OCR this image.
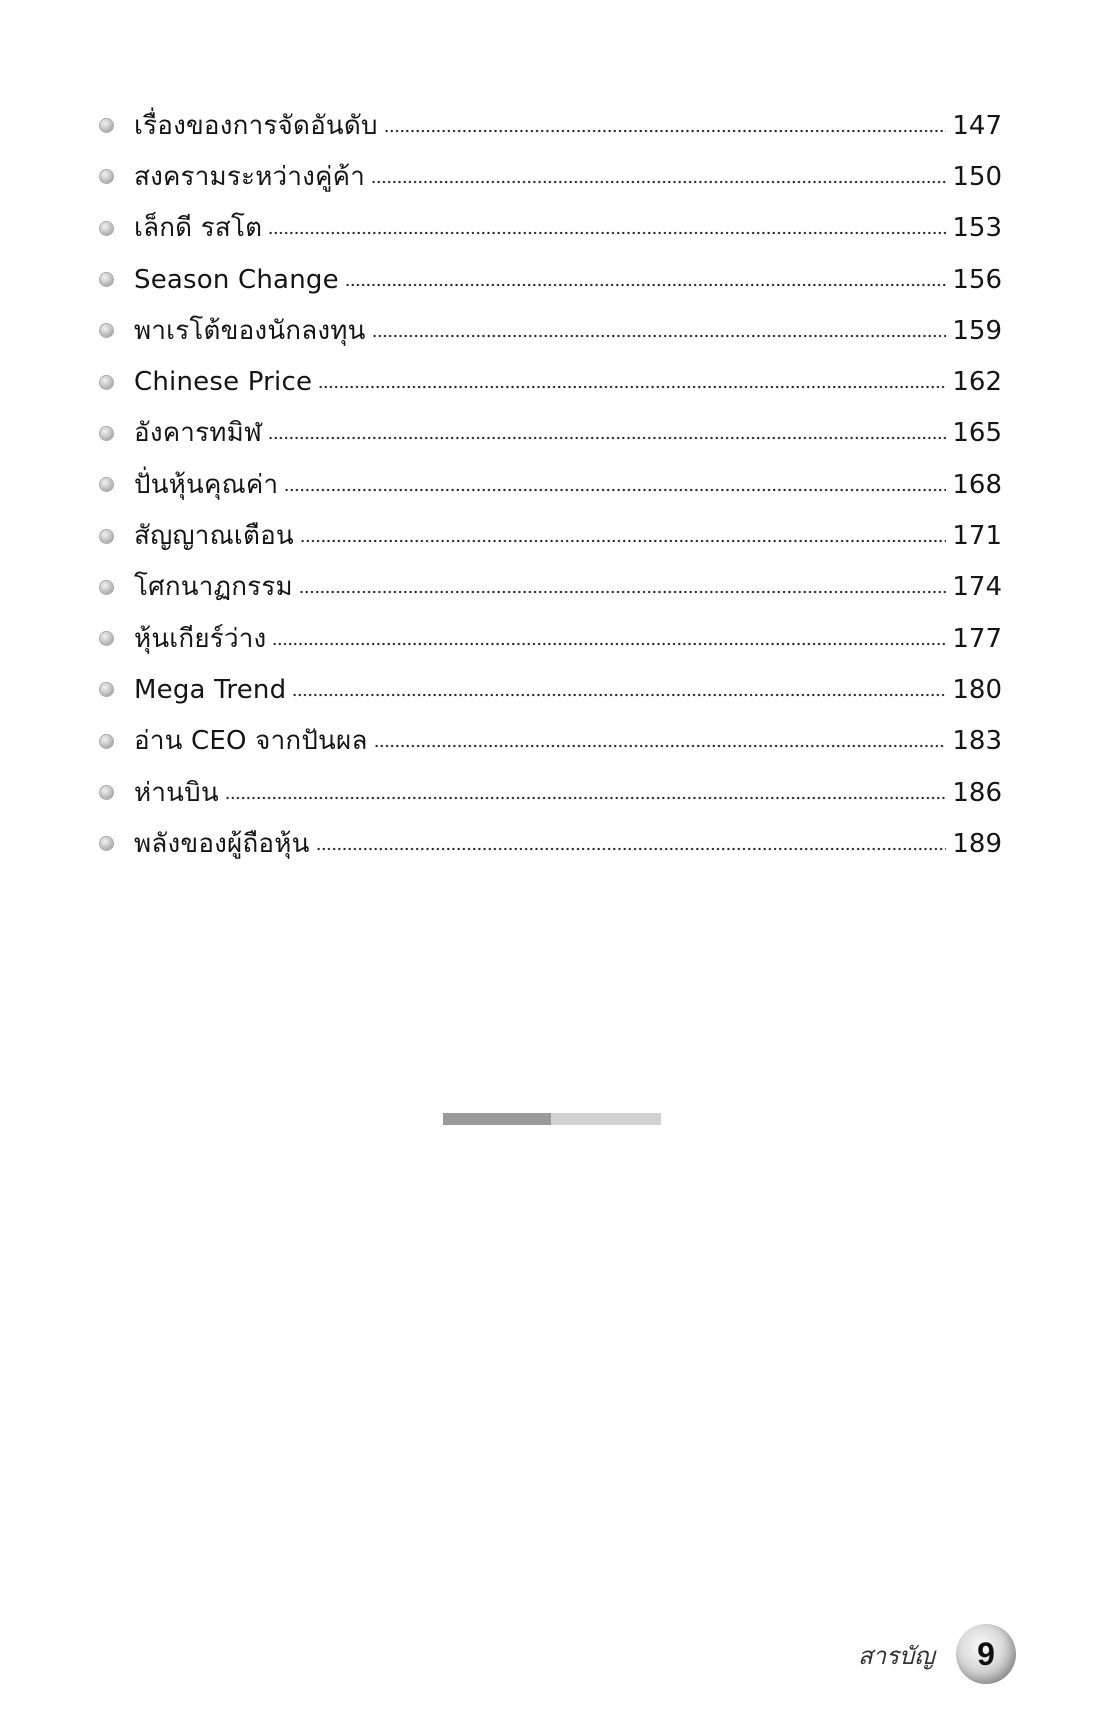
เรื่องของการจัดอันดับ	147
สงครามระหว่างคู่ค้า	150
เล็กดี รสโต	153
Season Change	156
พาเรโต้ของนักลงทุน	159
Chinese Price	162
อังคารทมิฬ	165
ปั่นหุ้นคุณค่า	168
สัญญาณเตือน	171
โศกนาฏกรรม	174
หุ้นเกียร์ว่าง	177
Mega Trend	180
อ่าน CEO จากปันผล	183
ห่านบิน	186
พลังของผู้ถือหุ้น	189
สารบัญ	9
